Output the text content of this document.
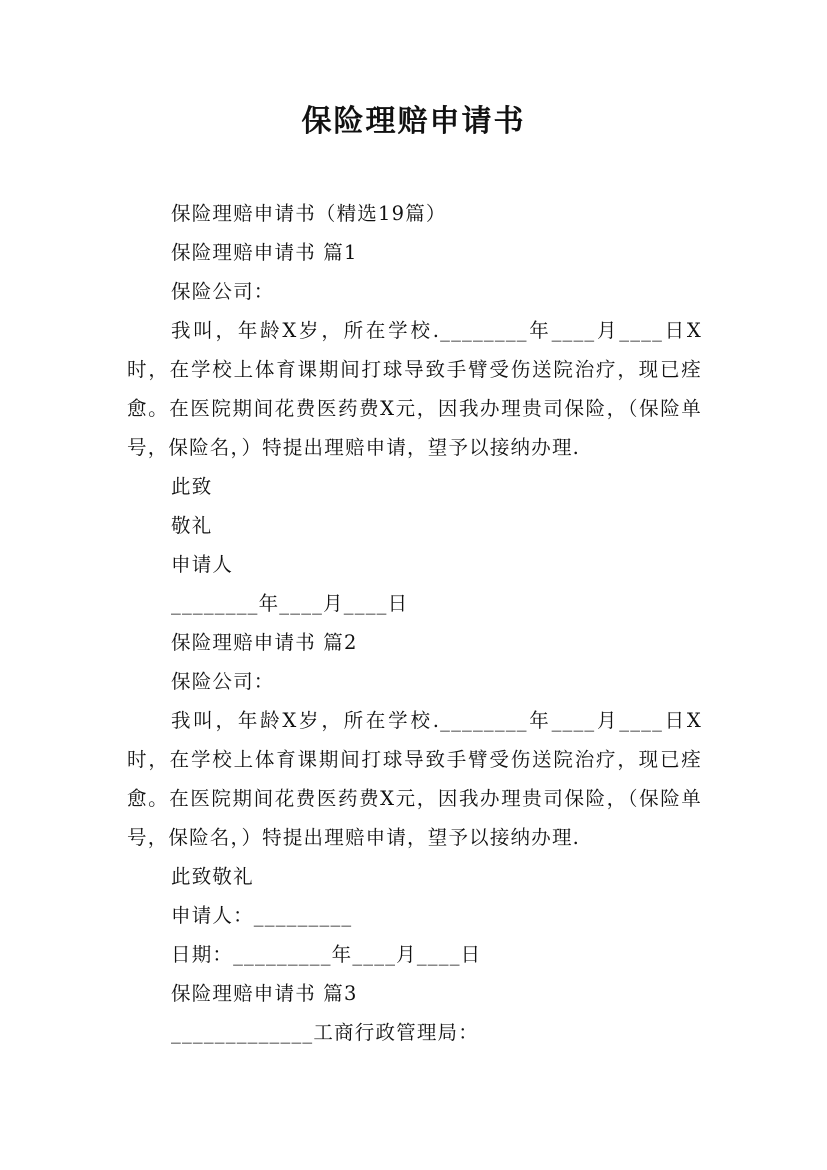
保险理赔申请书
保险理赔申请书（精选19篇）
保险理赔申请书 篇1
保险公司：
我叫，年龄X岁，所在学校.________年____月____日X时，在学校上体育课期间打球导致手臂受伤送院治疗，现已痊愈。在医院期间花费医药费X元，因我办理贵司保险，（保险单号，保险名，）特提出理赔申请，望予以接纳办理.
此致
敬礼
申请人
________年____月____日
保险理赔申请书 篇2
保险公司：
我叫，年龄X岁，所在学校.________年____月____日X时，在学校上体育课期间打球导致手臂受伤送院治疗，现已痊愈。在医院期间花费医药费X元，因我办理贵司保险，（保险单号，保险名，）特提出理赔申请，望予以接纳办理.
此致敬礼
申请人：_________
日期：_________年____月____日
保险理赔申请书 篇3
_____________工商行政管理局：
